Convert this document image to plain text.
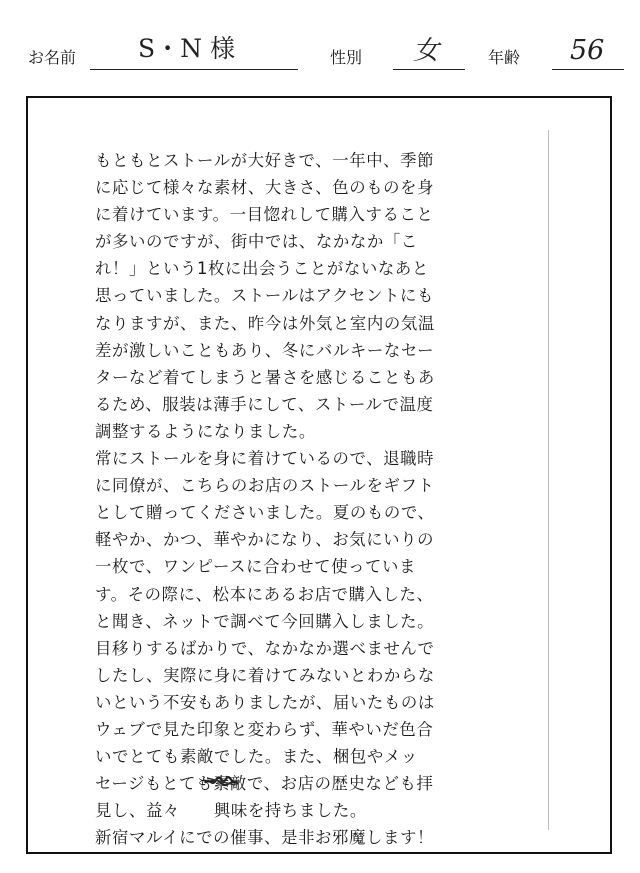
お名前 S・N 様	性別 女	年齢 56
もともとストールが大好きで、一年中、季節
に応じて様々な素材、大きさ、色のものを身
に着けています。一目惚れして購入すること
が多いのですが、街中では、なかなか「こ
れ！」という1枚に出会うことがないなあと
思っていました。ストールはアクセントにも
なりますが、また、昨今は外気と室内の気温
差が激しいこともあり、冬にバルキーなセー
ターなど着てしまうと暑さを感じることもあ
るため、服装は薄手にして、ストールで温度
調整するようになりました。
常にストールを身に着けているので、退職時
に同僚が、こちらのお店のストールをギフト
として贈ってくださいました。夏のもので、
軽やか、かつ、華やかになり、お気にいりの
一枚で、ワンピースに合わせて使っていま
す。その際に、松本にあるお店で購入した、
と聞き、ネットで調べて今回購入しました。
目移りするばかりで、なかなか選べませんで
したし、実際に身に着けてみないとわからな
いという不安もありましたが、届いたものは
ウェブで見た印象と変わらず、華やいだ色合
いでとても素敵でした。また、梱包やメッ
セージもとても素敵で、お店の歴史なども拝
見し、益々　　興味を持ちました。
新宿マルイにでの催事、是非お邪魔します！
